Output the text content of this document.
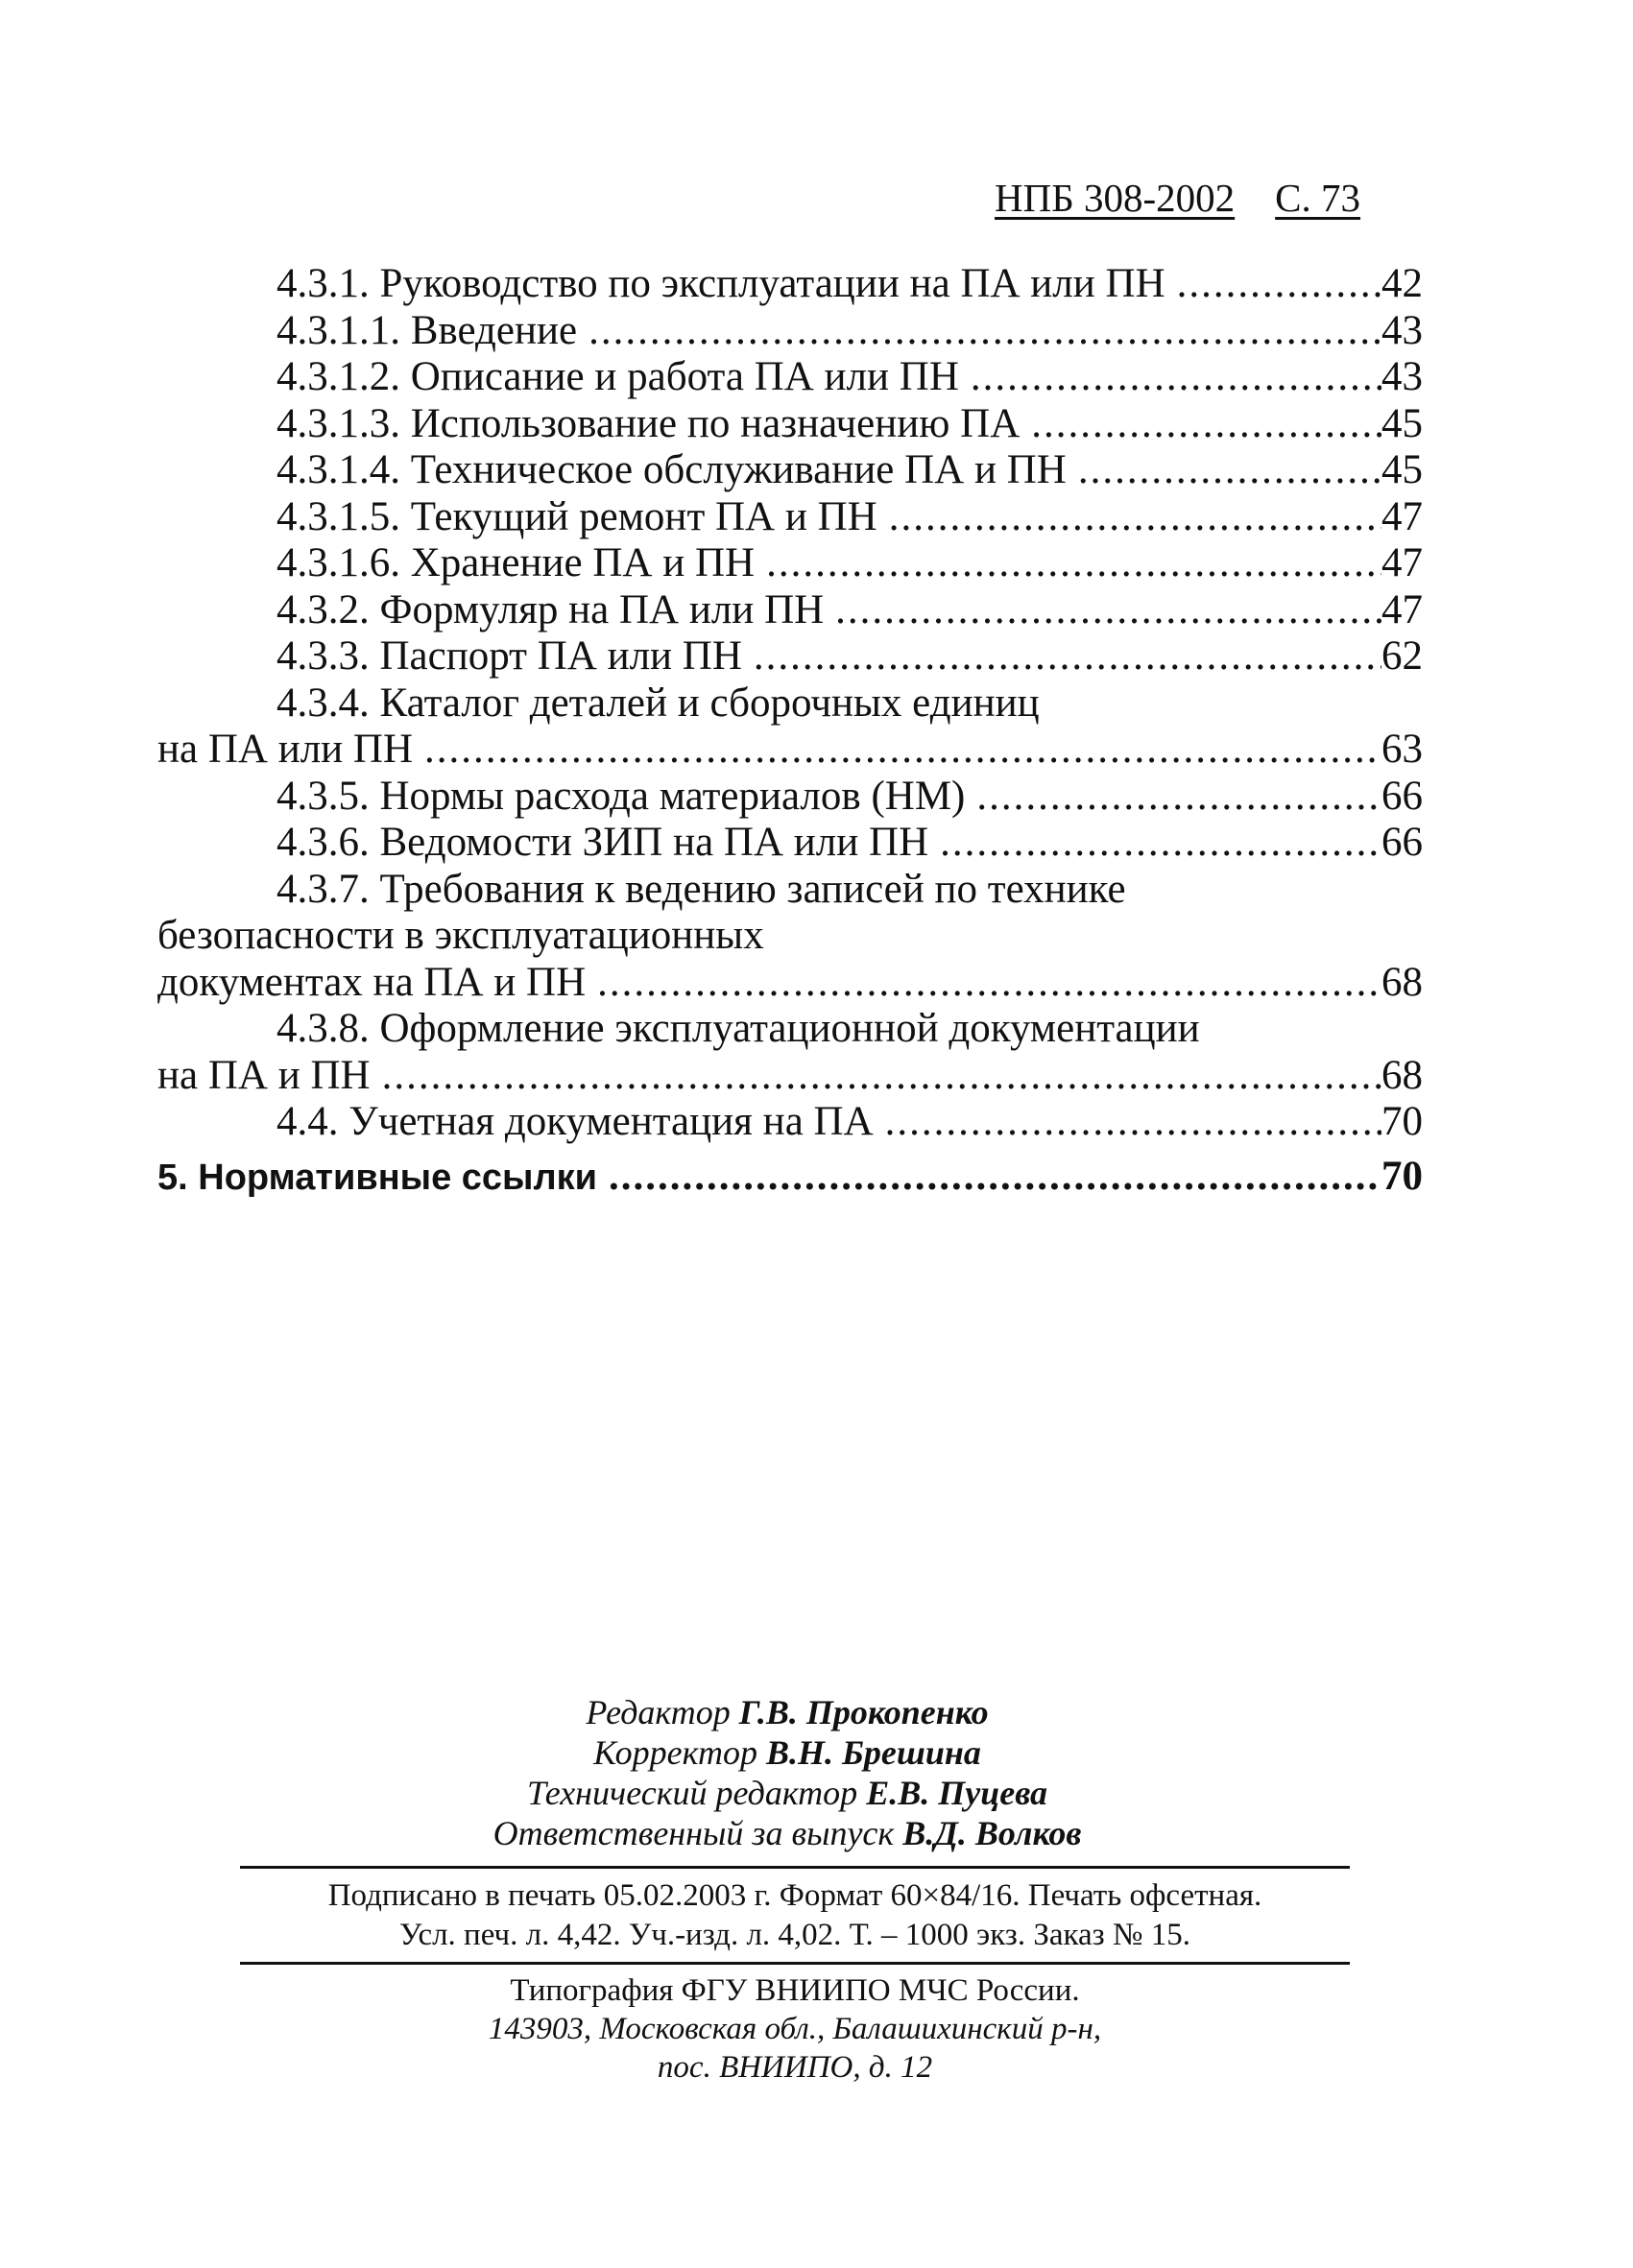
НПБ 308-2002 С. 73
4.3.1. Руководство по эксплуатации на ПА или ПН .....	42
4.3.1.1. Введение .....	43
4.3.1.2. Описание и работа ПА или ПН .....	43
4.3.1.3. Использование по назначению ПА .....	45
4.3.1.4. Техническое обслуживание ПА и ПН .....	45
4.3.1.5. Текущий ремонт ПА и ПН .....	47
4.3.1.6. Хранение ПА и ПН .....	47
4.3.2. Формуляр на ПА или ПН .....	47
4.3.3. Паспорт ПА или ПН .....	62
4.3.4. Каталог деталей и сборочных единиц
на ПА или ПН .....	63
4.3.5. Нормы расхода материалов (НМ) .....	66
4.3.6. Ведомости ЗИП на ПА или ПН .....	66
4.3.7. Требования к ведению записей по технике
безопасности в эксплуатационных
документах на ПА и ПН .....	68
4.3.8. Оформление эксплуатационной документации
на ПА и ПН .....	68
4.4. Учетная документация на ПА .....	70
5. Нормативные ссылки .....	70
Редактор Г.В. Прокопенко
Корректор В.Н. Брешина
Технический редактор Е.В. Пуцева
Ответственный за выпуск В.Д. Волков
Подписано в печать 05.02.2003 г. Формат 60×84/16. Печать офсетная.
Усл. печ. л. 4,42. Уч.-изд. л. 4,02. Т. – 1000 экз. Заказ № 15.
Типография ФГУ ВНИИПО МЧС России.
143903, Московская обл., Балашихинский р-н,
пос. ВНИИПО, д. 12
